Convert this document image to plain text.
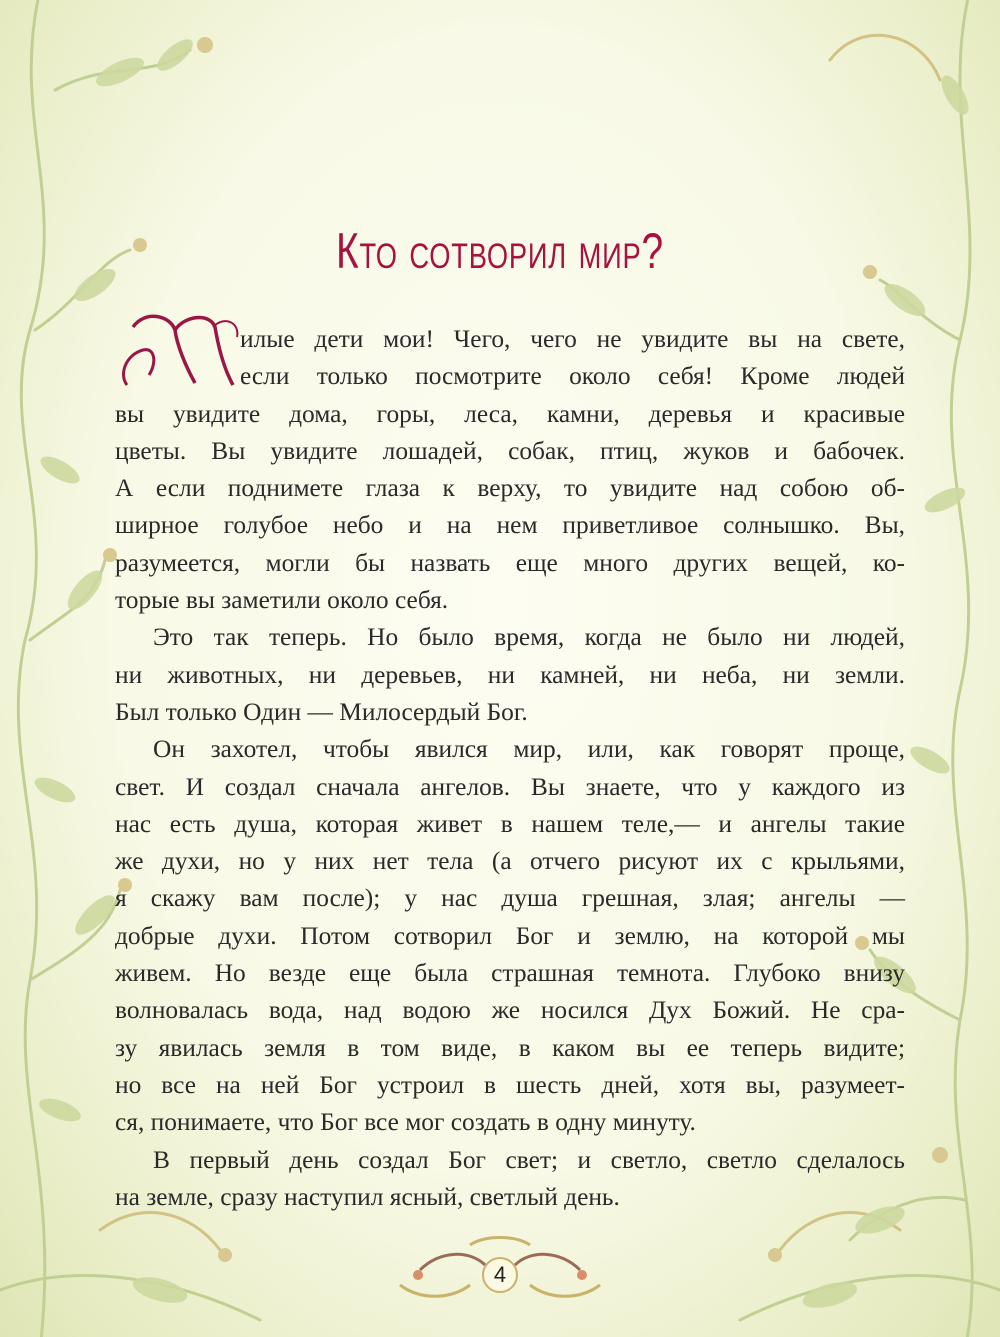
Кто сотворил мир?

илые дети мои! Чего, чего не увидите вы на свете,
если только посмотрите около себя! Кроме людей
вы увидите дома, горы, леса, камни, деревья и красивые
цветы. Вы увидите лошадей, собак, птиц, жуков и бабочек.
А если поднимете глаза к верху, то увидите над собою об-
ширное голубое небо и на нем приветливое солнышко. Вы,
разумеется, могли бы назвать еще много других вещей, ко-
торые вы заметили около себя.

Это так теперь. Но было время, когда не было ни людей,
ни животных, ни деревьев, ни камней, ни неба, ни земли.
Был только Один — Милосердый Бог.

Он захотел, чтобы явился мир, или, как говорят проще,
свет. И создал сначала ангелов. Вы знаете, что у каждого из
нас есть душа, которая живет в нашем теле,— и ангелы такие
же духи, но у них нет тела (а отчего рисуют их с крыльями,
я скажу вам после); у нас душа грешная, злая; ангелы —
добрые духи. Потом сотворил Бог и землю, на которой мы
живем. Но везде еще была страшная темнота. Глубоко внизу
волновалась вода, над водою же носился Дух Божий. Не сра-
зу явилась земля в том виде, в каком вы ее теперь видите;
но все на ней Бог устроил в шесть дней, хотя вы, разумеет-
ся, понимаете, что Бог все мог создать в одну минуту.

В первый день создал Бог свет; и светло, светло сделалось
на земле, сразу наступил ясный, светлый день.

4
